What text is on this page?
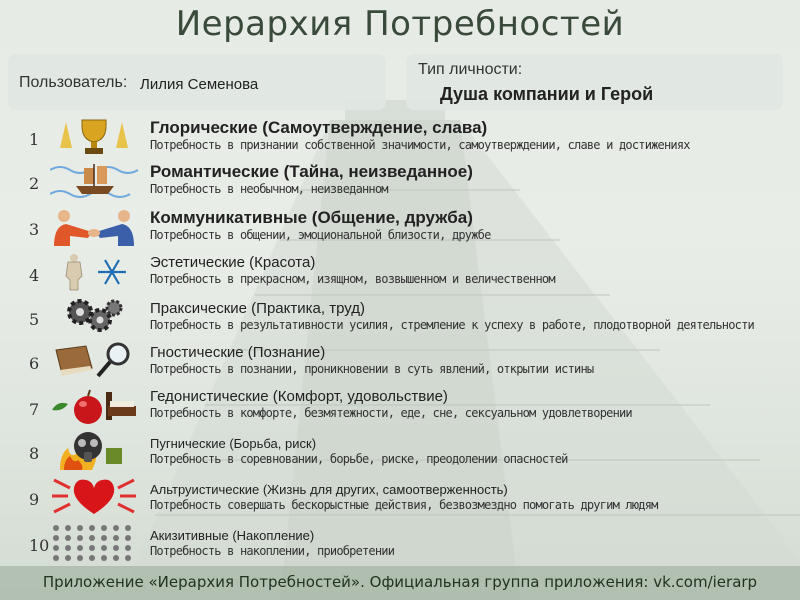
Иерархия Потребностей
Пользователь: Лилия Семенова
Тип личности:
Душа компании и Герой
1
Глорические (Самоутверждение, слава)
Потребность в признании собственной значимости, самоутверждении, славе и достижениях
2
Романтические (Тайна, неизведанное)
Потребность в необычном, неизведанном
3
Коммуникативные (Общение, дружба)
Потребность в общении, эмоциональной близости, дружбе
4
Эстетические (Красота)
Потребность в прекрасном, изящном, возвышенном и величественном
5
Праксические (Практика, труд)
Потребность в результативности усилия, стремление к успеху в работе, плодотворной деятельности
6
Гностические (Познание)
Потребность в познании, проникновении в суть явлений, открытии истины
7
Гедонистические (Комфорт, удовольствие)
Потребность в комфорте, безмятежности, еде, сне, сексуальном удовлетворении
8
Пугнические (Борьба, риск)
Потребность в соревновании, борьбе, риске, преодолении опасностей
9
Альтруистические (Жизнь для других, самоотверженность)
Потребность совершать бескорыстные действия, безвозмездно помогать другим людям
10
Акизитивные (Накопление)
Потребность в накоплении, приобретении
Приложение «Иерархия Потребностей». Официальная группа приложения: vk.com/ierarp
